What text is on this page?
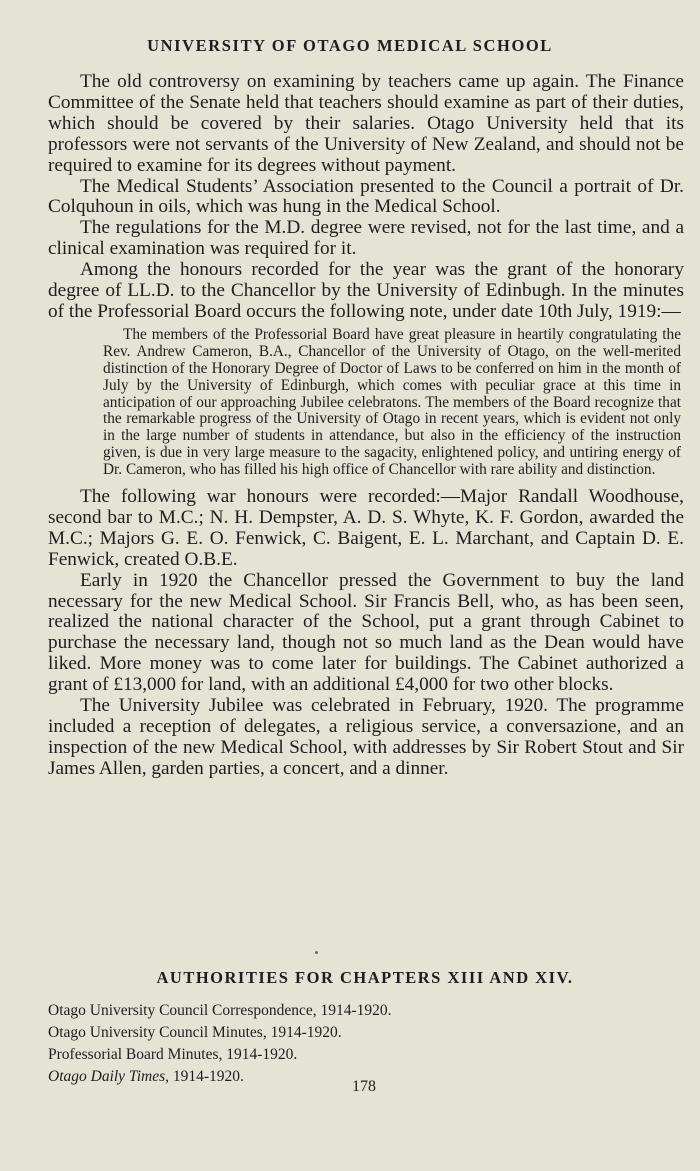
UNIVERSITY OF OTAGO MEDICAL SCHOOL

The old controversy on examining by teachers came up again. The Finance Committee of the Senate held that teachers should examine as part of their duties, which should be covered by their salaries. Otago University held that its professors were not servants of the University of New Zealand, and should not be required to examine for its degrees without payment.

The Medical Students’ Association presented to the Council a portrait of Dr. Colquhoun in oils, which was hung in the Medical School.

The regulations for the M.D. degree were revised, not for the last time, and a clinical examination was required for it.

Among the honours recorded for the year was the grant of the honorary degree of LL.D. to the Chancellor by the University of Edinbugh. In the minutes of the Professorial Board occurs the following note, under date 10th July, 1919:—

The members of the Professorial Board have great pleasure in heartily congratulating the Rev. Andrew Cameron, B.A., Chancellor of the University of Otago, on the well-merited distinction of the Honorary Degree of Doctor of Laws to be conferred on him in the month of July by the University of Edinburgh, which comes with peculiar grace at this time in anticipation of our approaching Jubilee celebratons. The members of the Board recognize that the remarkable progress of the University of Otago in recent years, which is evident not only in the large number of students in attendance, but also in the efficiency of the instruction given, is due in very large measure to the sagacity, enlightened policy, and untiring energy of Dr. Cameron, who has filled his high office of Chancellor with rare ability and distinction.

The following war honours were recorded:—Major Randall Woodhouse, second bar to M.C.; N. H. Dempster, A. D. S. Whyte, K. F. Gordon, awarded the M.C.; Majors G. E. O. Fenwick, C. Baigent, E. L. Marchant, and Captain D. E. Fenwick, created O.B.E.

Early in 1920 the Chancellor pressed the Government to buy the land necessary for the new Medical School. Sir Francis Bell, who, as has been seen, realized the national character of the School, put a grant through Cabinet to purchase the necessary land, though not so much land as the Dean would have liked. More money was to come later for buildings. The Cabinet authorized a grant of £13,000 for land, with an additional £4,000 for two other blocks.

The University Jubilee was celebrated in February, 1920. The programme included a reception of delegates, a religious service, a conversazione, and an inspection of the new Medical School, with addresses by Sir Robert Stout and Sir James Allen, garden parties, a concert, and a dinner.

AUTHORITIES FOR CHAPTERS XIII AND XIV.
Otago University Council Correspondence, 1914-1920.
Otago University Council Minutes, 1914-1920.
Professorial Board Minutes, 1914-1920.
Otago Daily Times, 1914-1920.
178
